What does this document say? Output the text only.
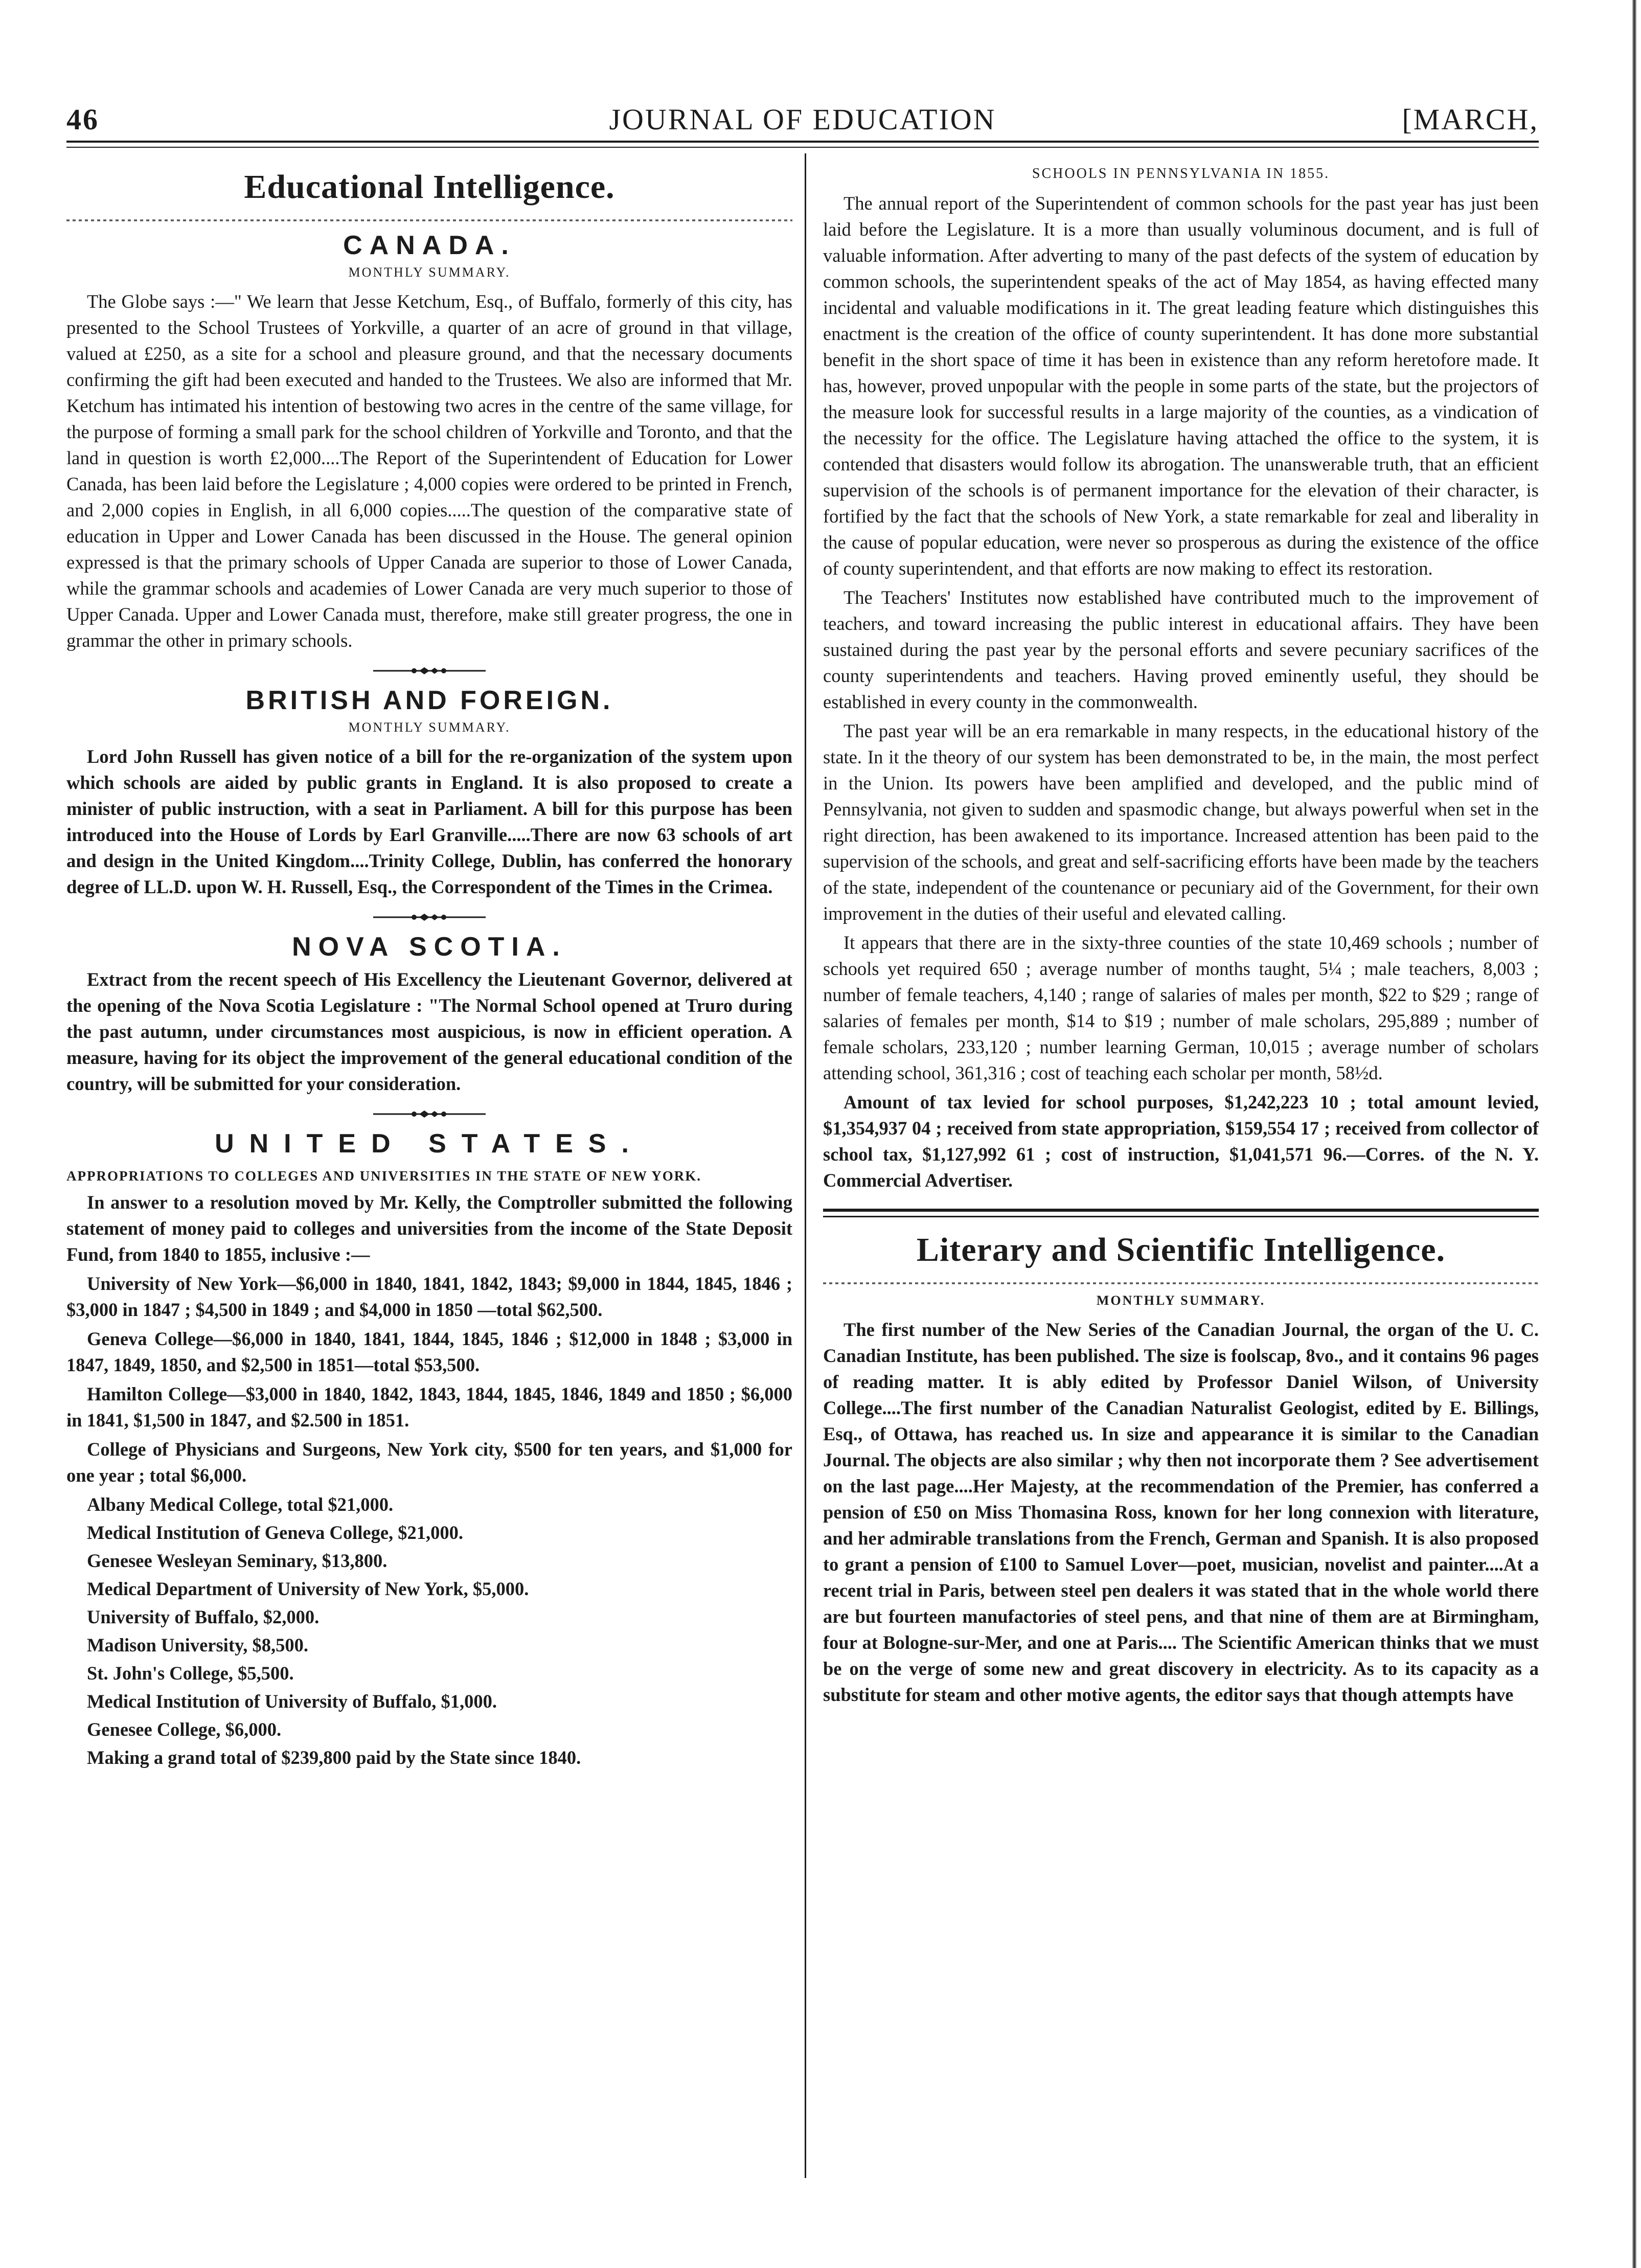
46	JOURNAL OF EDUCATION	[MARCH,
Educational Intelligence.
CANADA.
MONTHLY SUMMARY.

The Globe says :—" We learn that Jesse Ketchum, Esq., of Buffalo, formerly of this city, has presented to the School Trustees of Yorkville, a quarter of an acre of ground in that village, valued at £250, as a site for a school and pleasure ground, and that the necessary documents confirming the gift had been executed and handed to the Trustees. We also are informed that Mr. Ketchum has intimated his intention of bestowing two acres in the centre of the same village, for the purpose of forming a small park for the school children of Yorkville and Toronto, and that the land in question is worth £2,000....The Report of the Superintendent of Education for Lower Canada, has been laid before the Legislature ; 4,000 copies were ordered to be printed in French, and 2,000 copies in English, in all 6,000 copies.....The question of the comparative state of education in Upper and Lower Canada has been discussed in the House. The general opinion expressed is that the primary schools of Upper Canada are superior to those of Lower Canada, while the grammar schools and academies of Lower Canada are very much superior to those of Upper Canada. Upper and Lower Canada must, therefore, make still greater progress, the one in grammar the other in primary schools.

BRITISH AND FOREIGN.
MONTHLY SUMMARY.

Lord John Russell has given notice of a bill for the re-organization of the system upon which schools are aided by public grants in England. It is also proposed to create a minister of public instruction, with a seat in Parliament. A bill for this purpose has been introduced into the House of Lords by Earl Granville.....There are now 63 schools of art and design in the United Kingdom....Trinity College, Dublin, has conferred the honorary degree of LL.D. upon W. H. Russell, Esq., the Correspondent of the Times in the Crimea.

NOVA SCOTIA.

Extract from the recent speech of His Excellency the Lieutenant Governor, delivered at the opening of the Nova Scotia Legislature : "The Normal School opened at Truro during the past autumn, under circumstances most auspicious, is now in efficient operation. A measure, having for its object the improvement of the general educational condition of the country, will be submitted for your consideration.

UNITED STATES.
APPROPRIATIONS TO COLLEGES AND UNIVERSITIES IN THE STATE OF NEW YORK.

In answer to a resolution moved by Mr. Kelly, the Comptroller submitted the following statement of money paid to colleges and universities from the income of the State Deposit Fund, from 1840 to 1855, inclusive :—

University of New York—$6,000 in 1840, 1841, 1842, 1843; $9,000 in 1844, 1845, 1846 ; $3,000 in 1847 ; $4,500 in 1849 ; and $4,000 in 1850 —total $62,500.

Geneva College—$6,000 in 1840, 1841, 1844, 1845, 1846 ; $12,000 in 1848 ; $3,000 in 1847, 1849, 1850, and $2,500 in 1851—total $53,500.

Hamilton College—$3,000 in 1840, 1842, 1843, 1844, 1845, 1846, 1849 and 1850 ; $6,000 in 1841, $1,500 in 1847, and $2.500 in 1851.

College of Physicians and Surgeons, New York city, $500 for ten years, and $1,000 for one year ; total $6,000.

Albany Medical College, total $21,000.
Medical Institution of Geneva College, $21,000.
Genesee Wesleyan Seminary, $13,800.
Medical Department of University of New York, $5,000.
University of Buffalo, $2,000.
Madison University, $8,500.
St. John's College, $5,500.
Medical Institution of University of Buffalo, $1,000.
Genesee College, $6,000.
Making a grand total of $239,800 paid by the State since 1840.
SCHOOLS IN PENNSYLVANIA IN 1855.

The annual report of the Superintendent of common schools for the past year has just been laid before the Legislature. It is a more than usually voluminous document, and is full of valuable information. After adverting to many of the past defects of the system of education by common schools, the superintendent speaks of the act of May 1854, as having effected many incidental and valuable modifications in it. The great leading feature which distinguishes this enactment is the creation of the office of county superintendent. It has done more substantial benefit in the short space of time it has been in existence than any reform heretofore made. It has, however, proved unpopular with the people in some parts of the state, but the projectors of the measure look for successful results in a large majority of the counties, as a vindication of the necessity for the office. The Legislature having attached the office to the system, it is contended that disasters would follow its abrogation. The unanswerable truth, that an efficient supervision of the schools is of permanent importance for the elevation of their character, is fortified by the fact that the schools of New York, a state remarkable for zeal and liberality in the cause of popular education, were never so prosperous as during the existence of the office of county superintendent, and that efforts are now making to effect its restoration.

The Teachers' Institutes now established have contributed much to the improvement of teachers, and toward increasing the public interest in educational affairs. They have been sustained during the past year by the personal efforts and severe pecuniary sacrifices of the county superintendents and teachers. Having proved eminently useful, they should be established in every county in the commonwealth.

The past year will be an era remarkable in many respects, in the educational history of the state. In it the theory of our system has been demonstrated to be, in the main, the most perfect in the Union. Its powers have been amplified and developed, and the public mind of Pennsylvania, not given to sudden and spasmodic change, but always powerful when set in the right direction, has been awakened to its importance. Increased attention has been paid to the supervision of the schools, and great and self-sacrificing efforts have been made by the teachers of the state, independent of the countenance or pecuniary aid of the Government, for their own improvement in the duties of their useful and elevated calling.

It appears that there are in the sixty-three counties of the state 10,469 schools ; number of schools yet required 650 ; average number of months taught, 5¼ ; male teachers, 8,003 ; number of female teachers, 4,140 ; range of salaries of males per month, $22 to $29 ; range of salaries of females per month, $14 to $19 ; number of male scholars, 295,889 ; number of female scholars, 233,120 ; number learning German, 10,015 ; average number of scholars attending school, 361,316 ; cost of teaching each scholar per month, 58½d.

Amount of tax levied for school purposes, $1,242,223 10 ; total amount levied, $1,354,937 04 ; received from state appropriation, $159,554 17 ; received from collector of school tax, $1,127,992 61 ; cost of instruction, $1,041,571 96.—Corres. of the N. Y. Commercial Advertiser.

Literary and Scientific Intelligence.
MONTHLY SUMMARY.

The first number of the New Series of the Canadian Journal, the organ of the U. C. Canadian Institute, has been published. The size is foolscap, 8vo., and it contains 96 pages of reading matter. It is ably edited by Professor Daniel Wilson, of University College....The first number of the Canadian Naturalist Geologist, edited by E. Billings, Esq., of Ottawa, has reached us. In size and appearance it is similar to the Canadian Journal. The objects are also similar ; why then not incorporate them ? See advertisement on the last page....Her Majesty, at the recommendation of the Premier, has conferred a pension of £50 on Miss Thomasina Ross, known for her long connexion with literature, and her admirable translations from the French, German and Spanish. It is also proposed to grant a pension of £100 to Samuel Lover—poet, musician, novelist and painter....At a recent trial in Paris, between steel pen dealers it was stated that in the whole world there are but fourteen manufactories of steel pens, and that nine of them are at Birmingham, four at Bologne-sur-Mer, and one at Paris.... The Scientific American thinks that we must be on the verge of some new and great discovery in electricity. As to its capacity as a substitute for steam and other motive agents, the editor says that though attempts have
